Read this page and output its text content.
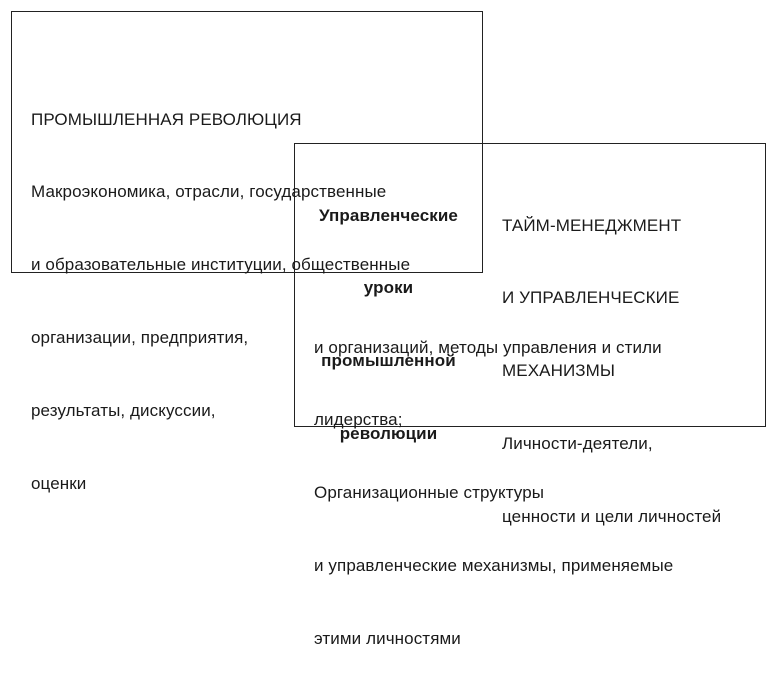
ПРОМЫШЛЕННАЯ РЕВОЛЮЦИЯ

Макроэкономика, отрасли, государственные

и образовательные институции, общественные

организации, предприятия,

результаты, дискуссии,

оценки

Управленческие

уроки

промышленной

революции

ТАЙМ-МЕНЕДЖМЕНТ

И УПРАВЛЕНЧЕСКИЕ

МЕХАНИЗМЫ

Личности-деятели,

ценности и цели личностей

и организаций, методы управления и стили

лидерства;

Организационные структуры

и управленческие механизмы, применяемые

этими личностями
